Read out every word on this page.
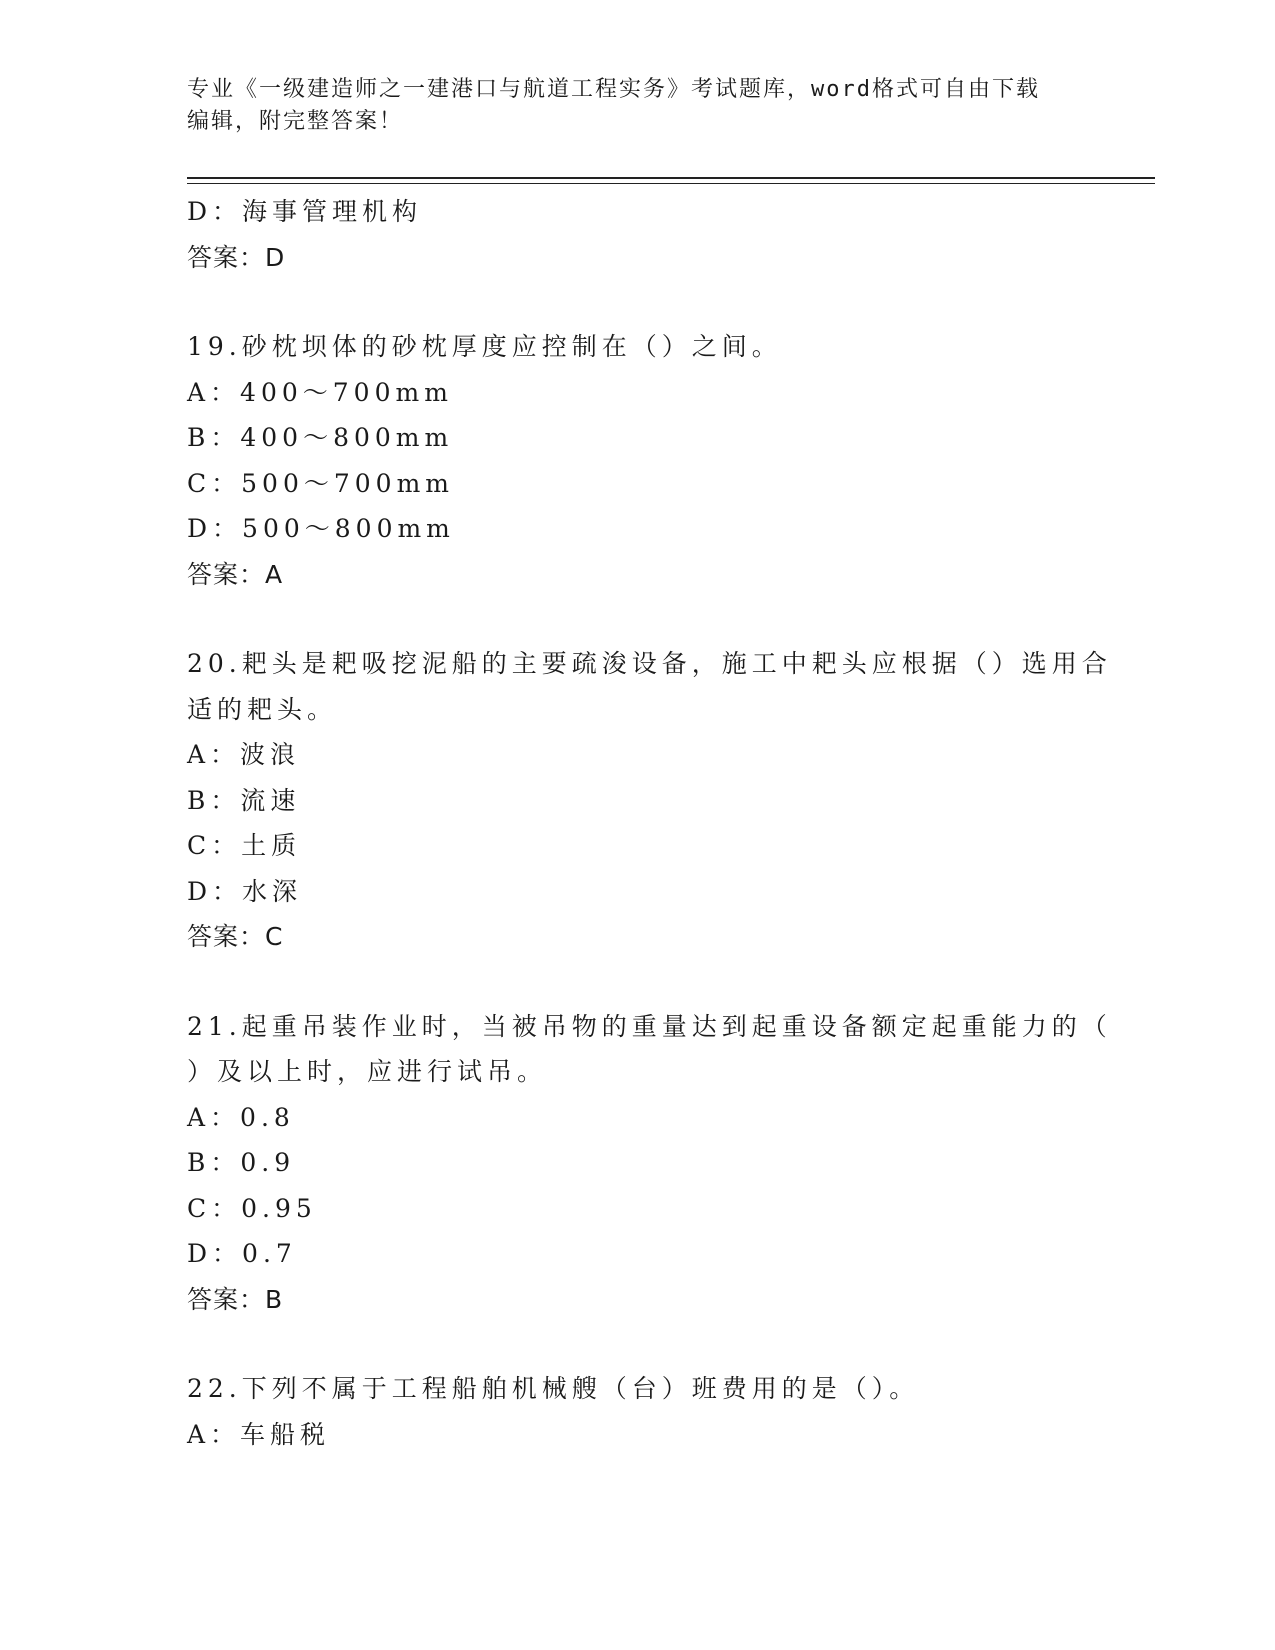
专业《一级建造师之一建港口与航道工程实务》考试题库，word格式可自由下载
编辑，附完整答案！
D：海事管理机构
答案：D
19.砂枕坝体的砂枕厚度应控制在（）之间。
A：400～700mm
B：400～800mm
C：500～700mm
D：500～800mm
答案：A
20.耙头是耙吸挖泥船的主要疏浚设备，施工中耙头应根据（）选用合
适的耙头。
A：波浪
B：流速
C：土质
D：水深
答案：C
21.起重吊装作业时，当被吊物的重量达到起重设备额定起重能力的（
）及以上时，应进行试吊。
A：0.8
B：0.9
C：0.95
D：0.7
答案：B
22.下列不属于工程船舶机械艘（台）班费用的是（）。
A：车船税
